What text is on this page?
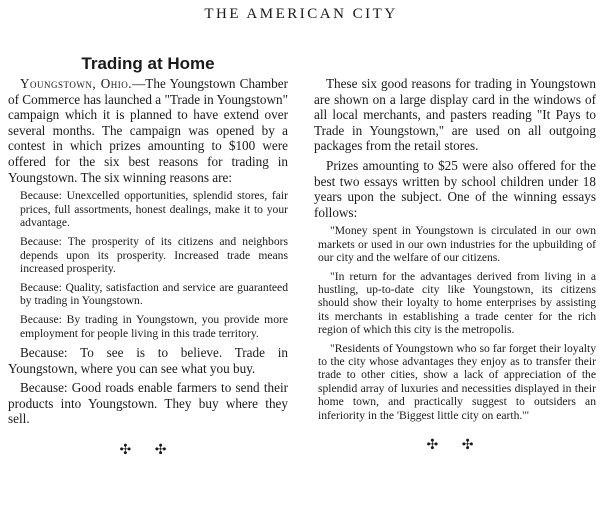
THE AMERICAN CITY
Trading at Home

Youngstown, Ohio.—The Youngstown Chamber of Commerce has launched a "Trade in Youngstown" campaign which it is planned to have extend over several months. The campaign was opened by a contest in which prizes amounting to $100 were offered for the six best reasons for trading in Youngstown. The six winning reasons are:

Because: Unexcelled opportunities, splendid stores, fair prices, full assortments, honest dealings, make it to your advantage.

Because: The prosperity of its citizens and neighbors depends upon its prosperity. Increased trade means increased prosperity.

Because: Quality, satisfaction and service are guaranteed by trading in Youngstown.

Because: By trading in Youngstown, you provide more employment for people living in this trade territory.

Because: To see is to believe. Trade in Youngstown, where you can see what you buy.

Because: Good roads enable farmers to send their products into Youngstown. They buy where they sell.

✣ ✣

These six good reasons for trading in Youngstown are shown on a large display card in the windows of all local merchants, and pasters reading "It Pays to Trade in Youngstown," are used on all outgoing packages from the retail stores.

Prizes amounting to $25 were also offered for the best two essays written by school children under 18 years upon the subject. One of the winning essays follows:

"Money spent in Youngstown is circulated in our own markets or used in our own industries for the upbuilding of our city and the welfare of our citizens.

"In return for the advantages derived from living in a hustling, up-to-date city like Youngstown, its citizens should show their loyalty to home enterprises by assisting its merchants in establishing a trade center for the rich region of which this city is the metropolis.

"Residents of Youngstown who so far forget their loyalty to the city whose advantages they enjoy as to transfer their trade to other cities, show a lack of appreciation of the splendid array of luxuries and necessities displayed in their home town, and practically suggest to outsiders an inferiority in the 'Biggest little city on earth.'"

✣ ✣
